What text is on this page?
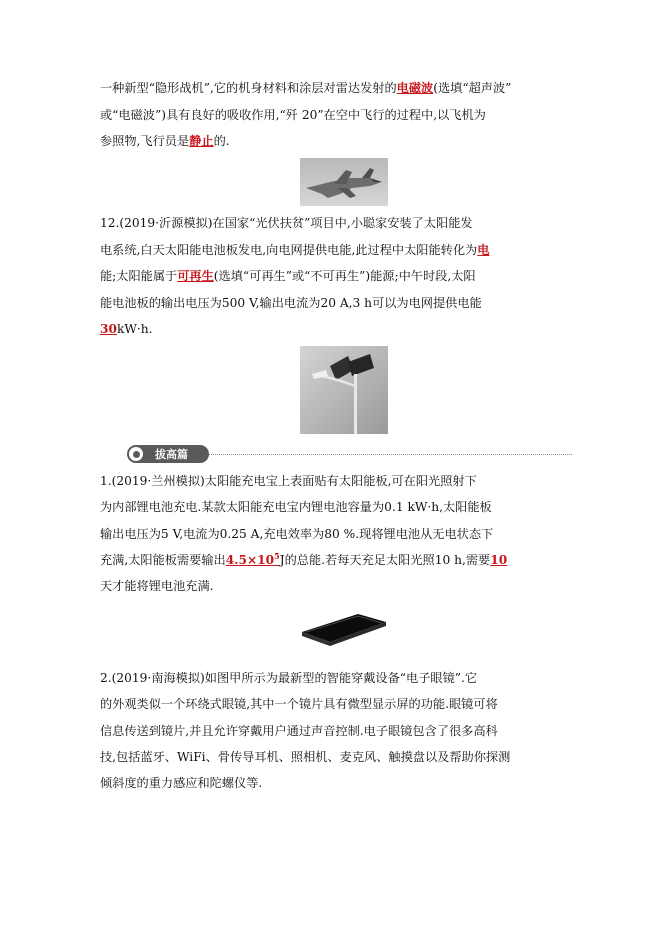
一种新型“隐形战机”,它的机身材料和涂层对雷达发射的电磁波(选填“超声波”
或“电磁波”)具有良好的吸收作用,“歼 20”在空中飞行的过程中,以飞机为
参照物,飞行员是静止的.
12.(2019·沂源模拟)在国家“光伏扶贫”项目中,小聪家安装了太阳能发
电系统,白天太阳能电池板发电,向电网提供电能,此过程中太阳能转化为电
能;太阳能属于可再生(选填“可再生”或“不可再生”)能源;中午时段,太阳
能电池板的输出电压为500 V,输出电流为20 A,3 h可以为电网提供电能
30kW·h.
拔高篇
1.(2019·兰州模拟)太阳能充电宝上表面贴有太阳能板,可在阳光照射下
为内部锂电池充电.某款太阳能充电宝内锂电池容量为0.1 kW·h,太阳能板
输出电压为5 V,电流为0.25 A,充电效率为80 %.现将锂电池从无电状态下
充满,太阳能板需要输出$4.5\times 10^5J$的总能.若每天充足太阳光照10 h,需要10
天才能将锂电池充满.
2.(2019·南海模拟)如图甲所示为最新型的智能穿戴设备“电子眼镜”.它
的外观类似一个环绕式眼镜,其中一个镜片具有微型显示屏的功能.眼镜可将
信息传送到镜片,并且允许穿戴用户通过声音控制.电子眼镜包含了很多高科
技,包括蓝牙、WiFi、骨传导耳机、照相机、麦克风、触摸盘以及帮助你探测
倾斜度的重力感应和陀螺仪等.
